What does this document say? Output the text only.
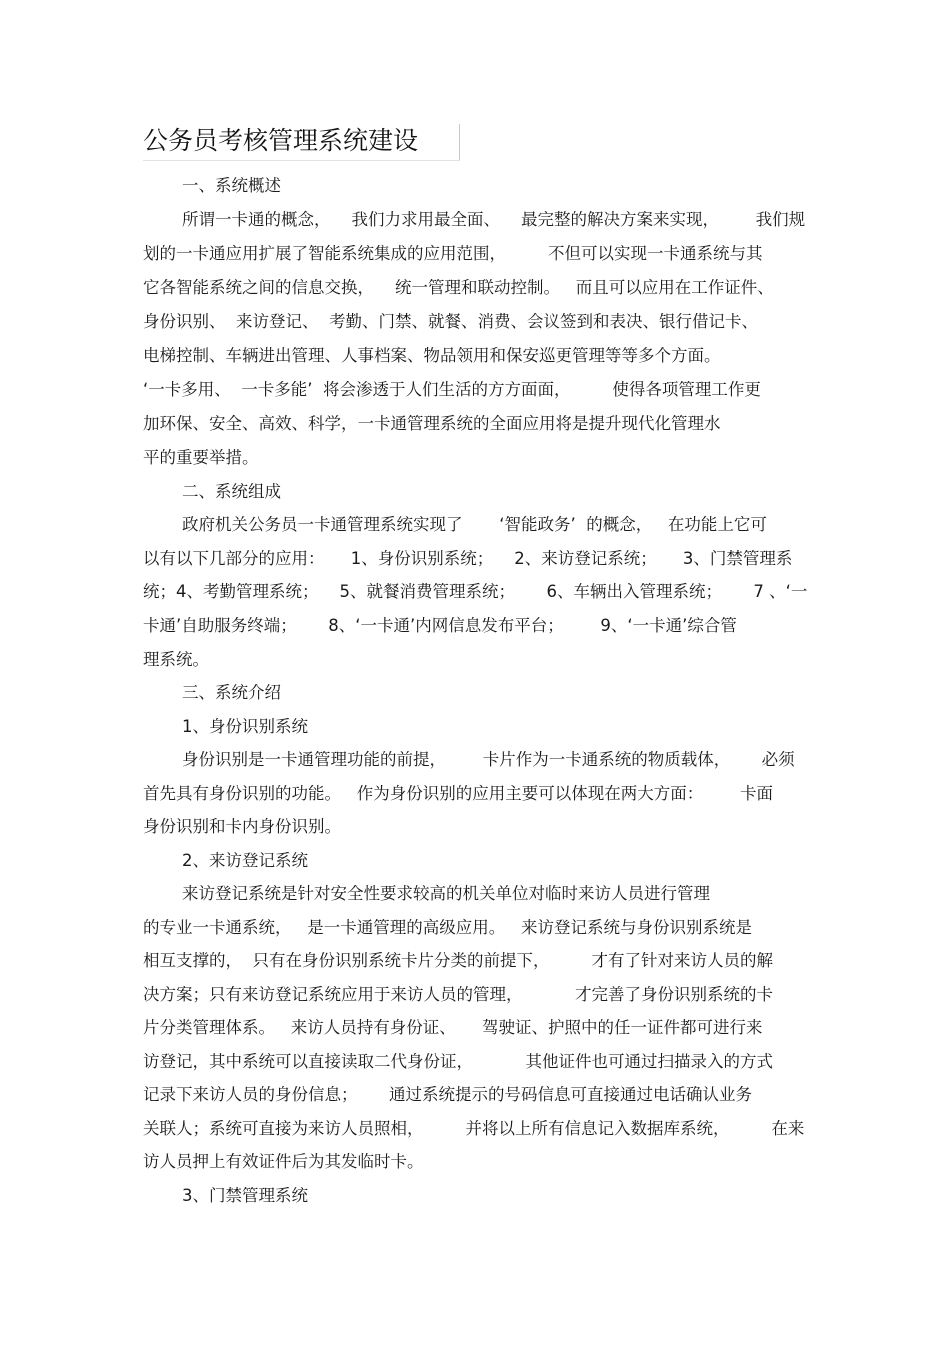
公务员考核管理系统建设
一、系统概述
所谓一卡通的概念，    我们力求用最全面、    最完整的解决方案来实现，       我们规
划的一卡通应用扩展了智能系统集成的应用范围，        不但可以实现一卡通系统与其
它各智能系统之间的信息交换，    统一管理和联动控制。   而且可以应用在工作证件、
身份识别、  来访登记、  考勤、门禁、就餐、消费、会议签到和表决、银行借记卡、
电梯控制、车辆进出管理、人事档案、物品领用和保安巡更管理等等多个方面。
‘一卡多用、  一卡多能’  将会渗透于人们生活的方方面面，        使得各项管理工作更
加环保、安全、高效、科学，一卡通管理系统的全面应用将是提升现代化管理水
平的重要举措。
二、系统组成
政府机关公务员一卡通管理系统实现了       ‘智能政务’  的概念，   在功能上它可
以有以下几部分的应用：     1、身份识别系统；    2、来访登记系统；     3、门禁管理系
统；4、考勤管理系统；    5、就餐消费管理系统；      6、车辆出入管理系统；      7 、‘一
卡通’自助服务终端；      8、‘一卡通’内网信息发布平台；       9、‘一卡通’综合管
理系统。
三、系统介绍
1、身份识别系统
身份识别是一卡通管理功能的前提，       卡片作为一卡通系统的物质载体，      必须
首先具有身份识别的功能。   作为身份识别的应用主要可以体现在两大方面：       卡面
身份识别和卡内身份识别。
2、来访登记系统
来访登记系统是针对安全性要求较高的机关单位对临时来访人员进行管理
的专业一卡通系统，   是一卡通管理的高级应用。   来访登记系统与身份识别系统是
相互支撑的，  只有在身份识别系统卡片分类的前提下，        才有了针对来访人员的解
决方案；只有来访登记系统应用于来访人员的管理，          才完善了身份识别系统的卡
片分类管理体系。   来访人员持有身份证、     驾驶证、护照中的任一证件都可进行来
访登记，其中系统可以直接读取二代身份证，          其他证件也可通过扫描录入的方式
记录下来访人员的身份信息；      通过系统提示的号码信息可直接通过电话确认业务
关联人；系统可直接为来访人员照相，        并将以上所有信息记入数据库系统，        在来
访人员押上有效证件后为其发临时卡。
3、门禁管理系统
